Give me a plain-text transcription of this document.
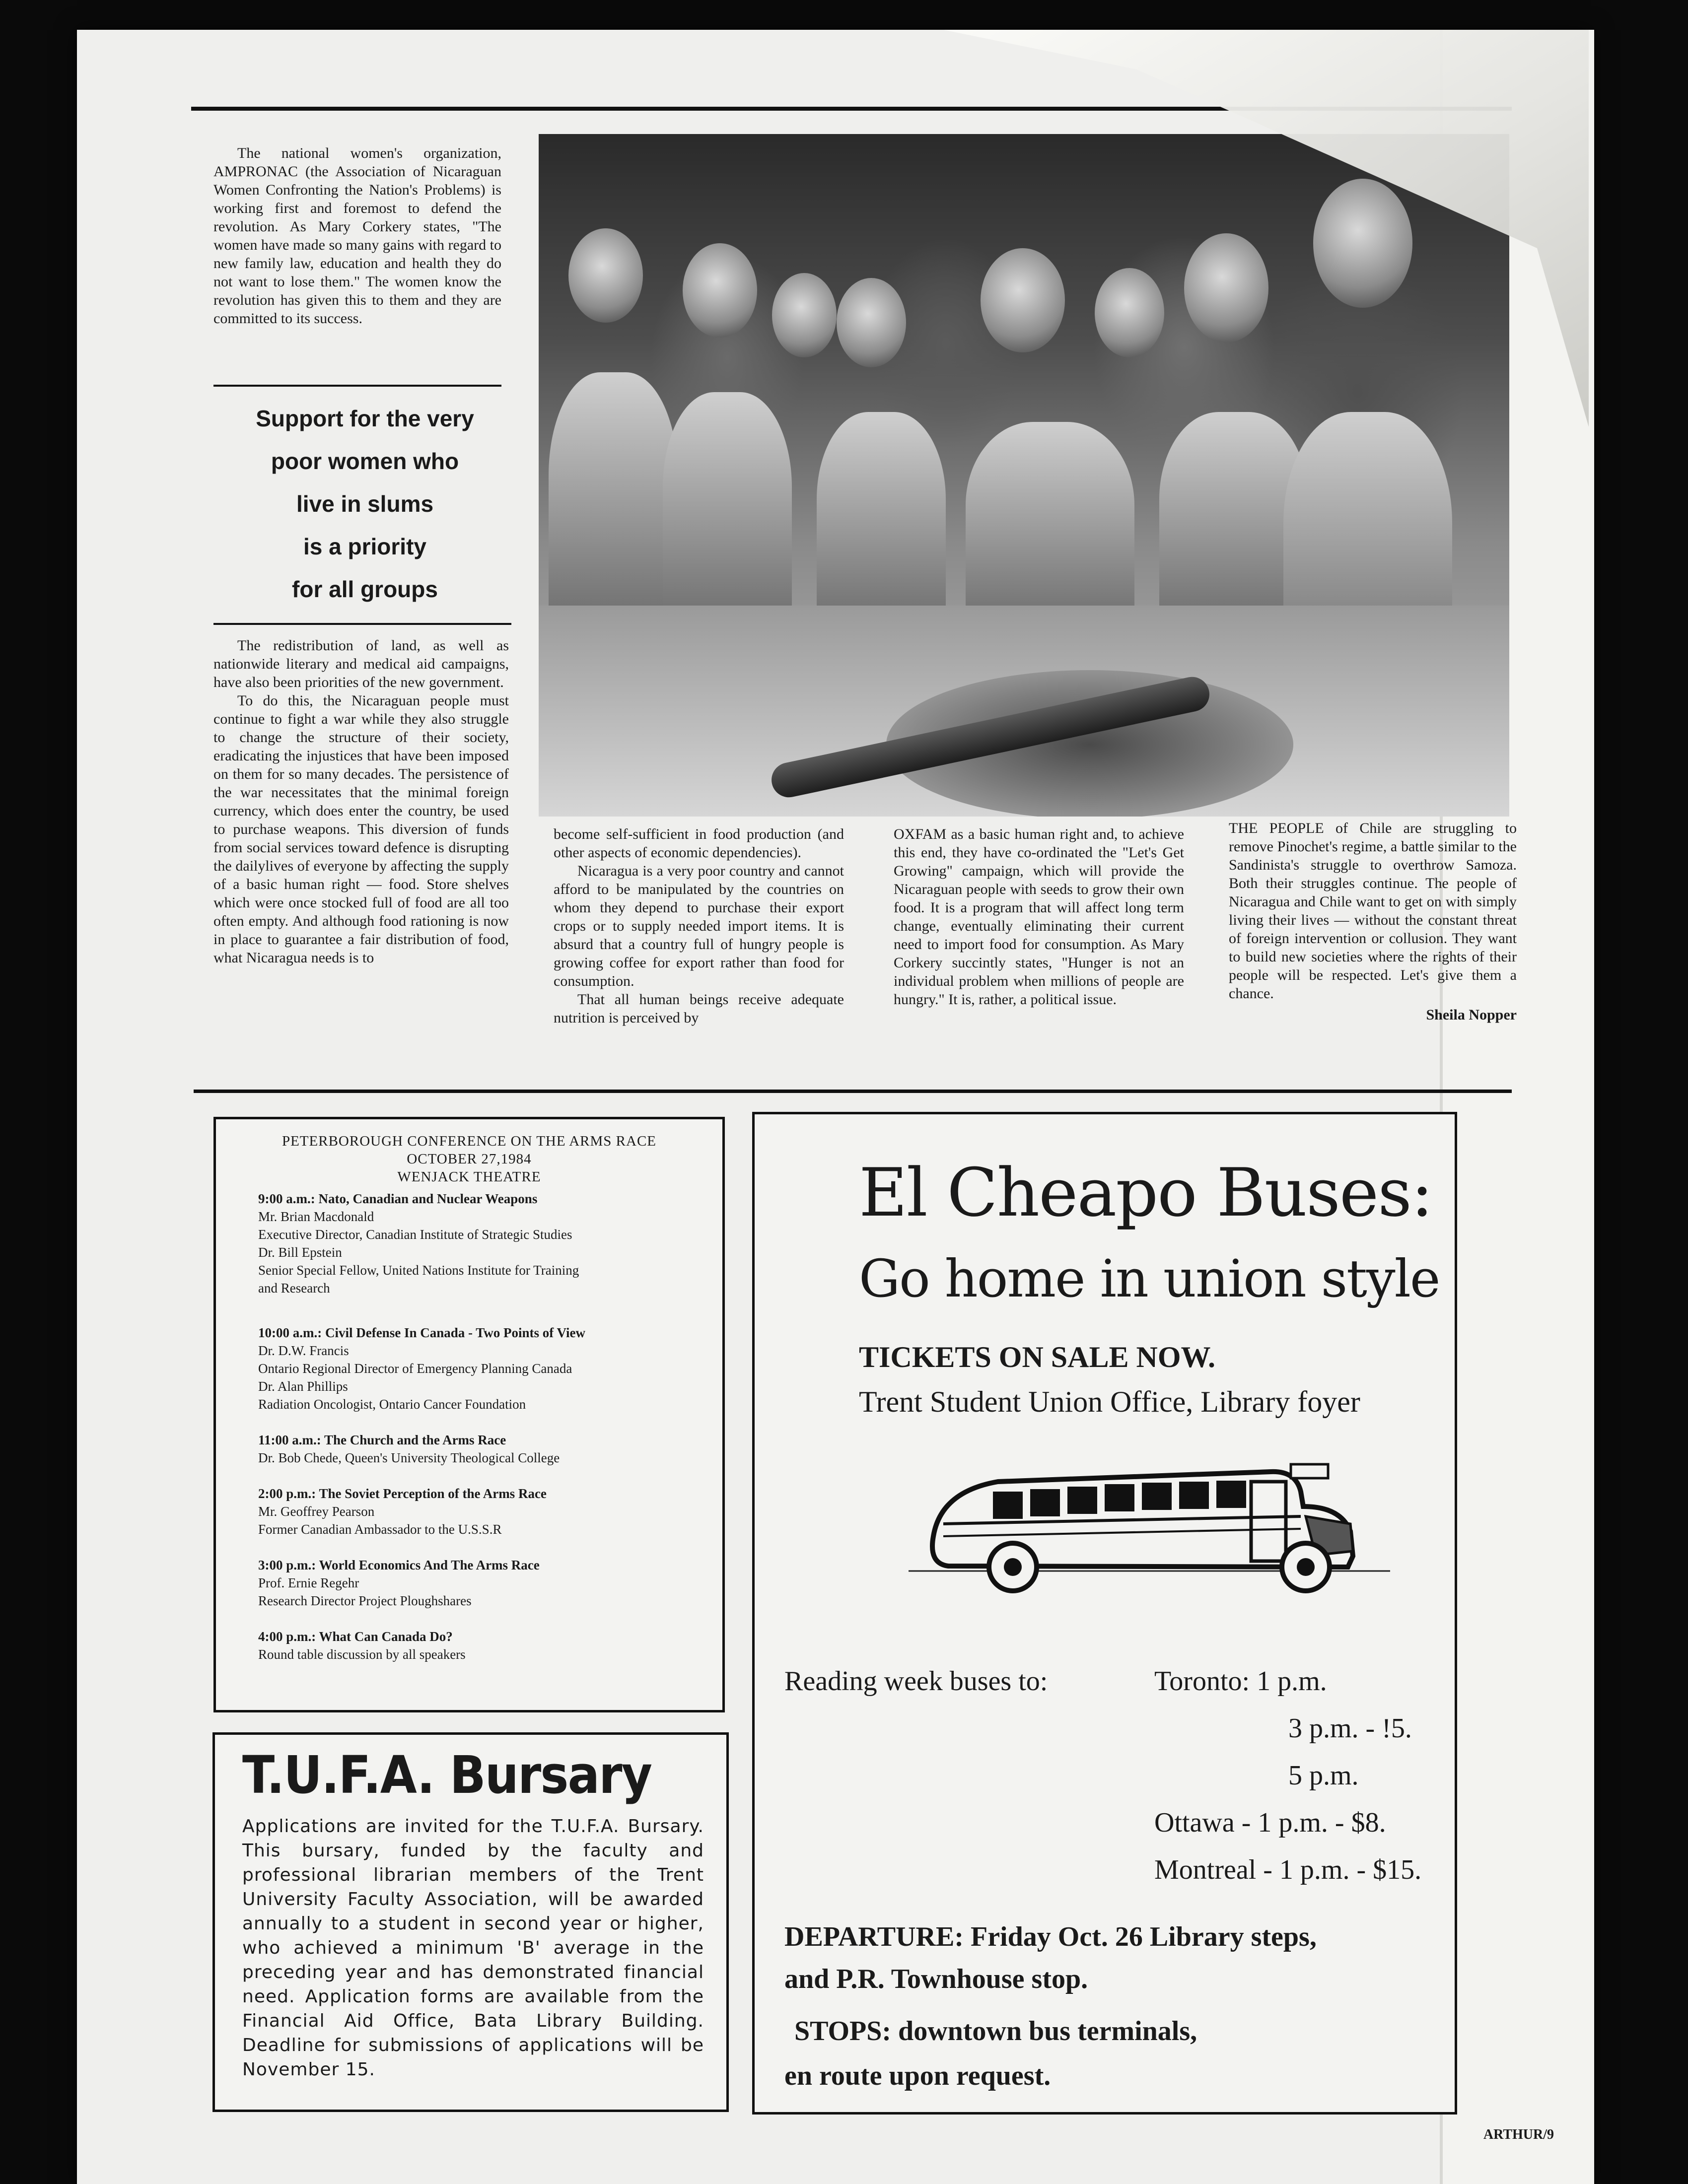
The national women's organization, AMPRONAC (the Association of Nicaraguan Women Confronting the Nation's Problems) is working first and foremost to defend the revolution. As Mary Corkery states, "The women have made so many gains with regard to new family law, education and health they do not want to lose them." The women know the revolution has given this to them and they are committed to its success.

Support for the very
poor women who
live in slums
is a priority
for all groups

The redistribution of land, as well as nationwide literary and medical aid campaigns, have also been priorities of the new government.

To do this, the Nicaraguan people must continue to fight a war while they also struggle to change the structure of their society, eradicating the injustices that have been imposed on them for so many decades. The persistence of the war necessitates that the minimal foreign currency, which does enter the country, be used to purchase weapons. This diversion of funds from social services toward defence is disrupting the dailylives of everyone by affecting the supply of a basic human right — food. Store shelves which were once stocked full of food are all too often empty. And although food rationing is now in place to guarantee a fair distribution of food, what Nicaragua needs is to

become self-sufficient in food production (and other aspects of economic dependencies).

Nicaragua is a very poor country and cannot afford to be manipulated by the countries on whom they depend to purchase their export crops or to supply needed import items. It is absurd that a country full of hungry people is growing coffee for export rather than food for consumption.

That all human beings receive adequate nutrition is perceived by

OXFAM as a basic human right and, to achieve this end, they have co-ordinated the "Let's Get Growing" campaign, which will provide the Nicaraguan people with seeds to grow their own food. It is a program that will affect long term change, eventually eliminating their current need to import food for consumption. As Mary Corkery succintly states, "Hunger is not an individual problem when millions of people are hungry." It is, rather, a political issue.

THE PEOPLE of Chile are struggling to remove Pinochet's regime, a battle similar to the Sandinista's struggle to overthrow Samoza. Both their struggles continue. The people of Nicaragua and Chile want to get on with simply living their lives — without the constant threat of foreign intervention or collusion. They want to build new societies where the rights of their people will be respected. Let's give them a chance.

Sheila Nopper
PETERBOROUGH CONFERENCE ON THE ARMS RACE
OCTOBER 27,1984
WENJACK THEATRE
9:00 a.m.: Nato, Canadian and Nuclear Weapons
Mr. Brian Macdonald
Executive Director, Canadian Institute of Strategic Studies
Dr. Bill Epstein
Senior Special Fellow, United Nations Institute for Training
and Research
10:00 a.m.: Civil Defense In Canada - Two Points of View
Dr. D.W. Francis
Ontario Regional Director of Emergency Planning Canada
Dr. Alan Phillips
Radiation Oncologist, Ontario Cancer Foundation
11:00 a.m.: The Church and the Arms Race
Dr. Bob Chede, Queen's University Theological College
2:00 p.m.: The Soviet Perception of the Arms Race
Mr. Geoffrey Pearson
Former Canadian Ambassador to the U.S.S.R
3:00 p.m.: World Economics And The Arms Race
Prof. Ernie Regehr
Research Director Project Ploughshares
4:00 p.m.: What Can Canada Do?
Round table discussion by all speakers
T.U.F.A. Bursary
Applications are invited for the T.U.F.A. Bursary. This bursary, funded by the faculty and professional librarian members of the Trent University Faculty Association, will be awarded annually to a student in second year or higher, who achieved a minimum 'B' average in the preceding year and has demonstrated financial need. Application forms are available from the Financial Aid Office, Bata Library Building. Deadline for submissions of applications will be November 15.
El Cheapo Buses:
Go home in union style
TICKETS ON SALE NOW.
Trent Student Union Office, Library foyer
Reading week buses to:	Toronto: 1 p.m.
3 p.m. - !5.
5 p.m.
Ottawa - 1 p.m. - $8.
Montreal - 1 p.m. - $15.
DEPARTURE: Friday Oct. 26 Library steps,
and P.R. Townhouse stop.
STOPS: downtown bus terminals,
en route upon request.
ARTHUR/9
